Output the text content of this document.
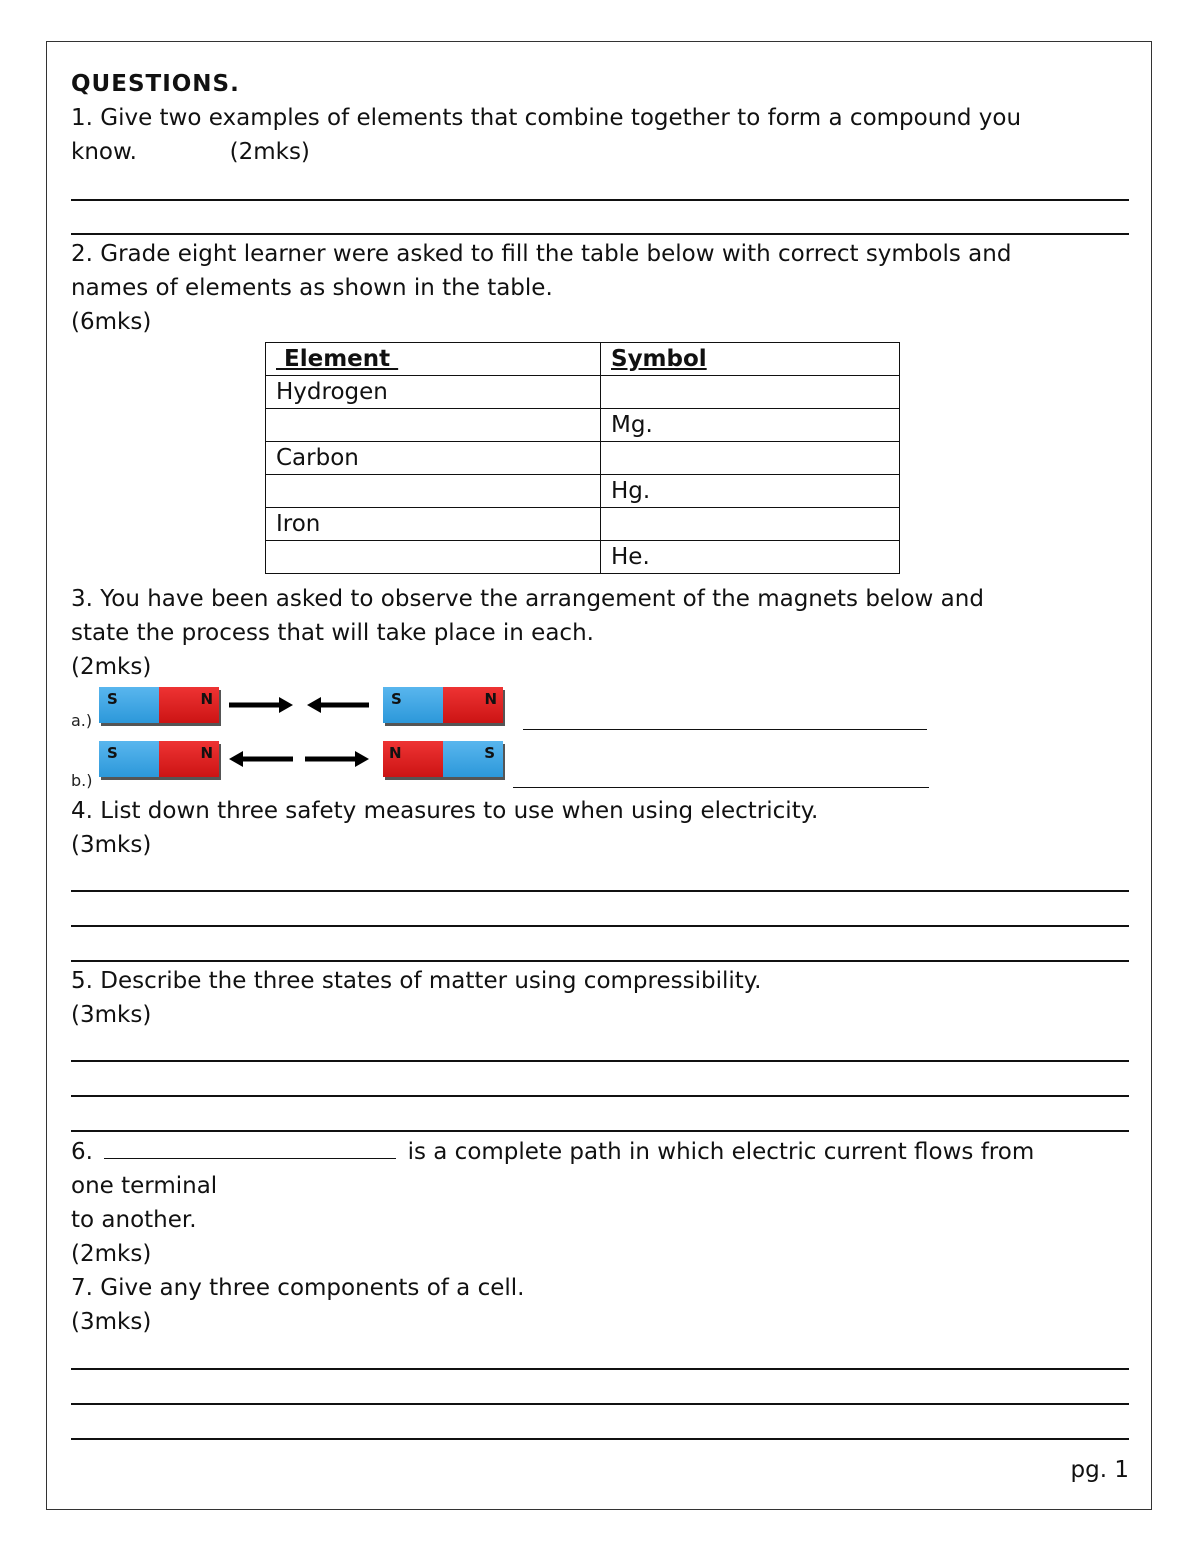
QUESTIONS.
1. Give two examples of elements that combine together to form a compound you
know.	(2mks)
2. Grade eight learner were asked to fill the table below with correct symbols and
names of elements as shown in the table.
(6mks)
Element	Symbol
Hydrogen	
	Mg.
Carbon	
	Hg.
Iron	
	He.
3. You have been asked to observe the arrangement of the magnets below and
state the process that will take place in each.
(2mks)
a.)
S	N	S	N
b.)
S	N	N	S
4. List down three safety measures to use when using electricity.
(3mks)
5. Describe the three states of matter using compressibility.
(3mks)
6.	is a complete path in which electric current flows from
one terminal
to another.
(2mks)
7. Give any three components of a cell.
(3mks)
pg. 1
